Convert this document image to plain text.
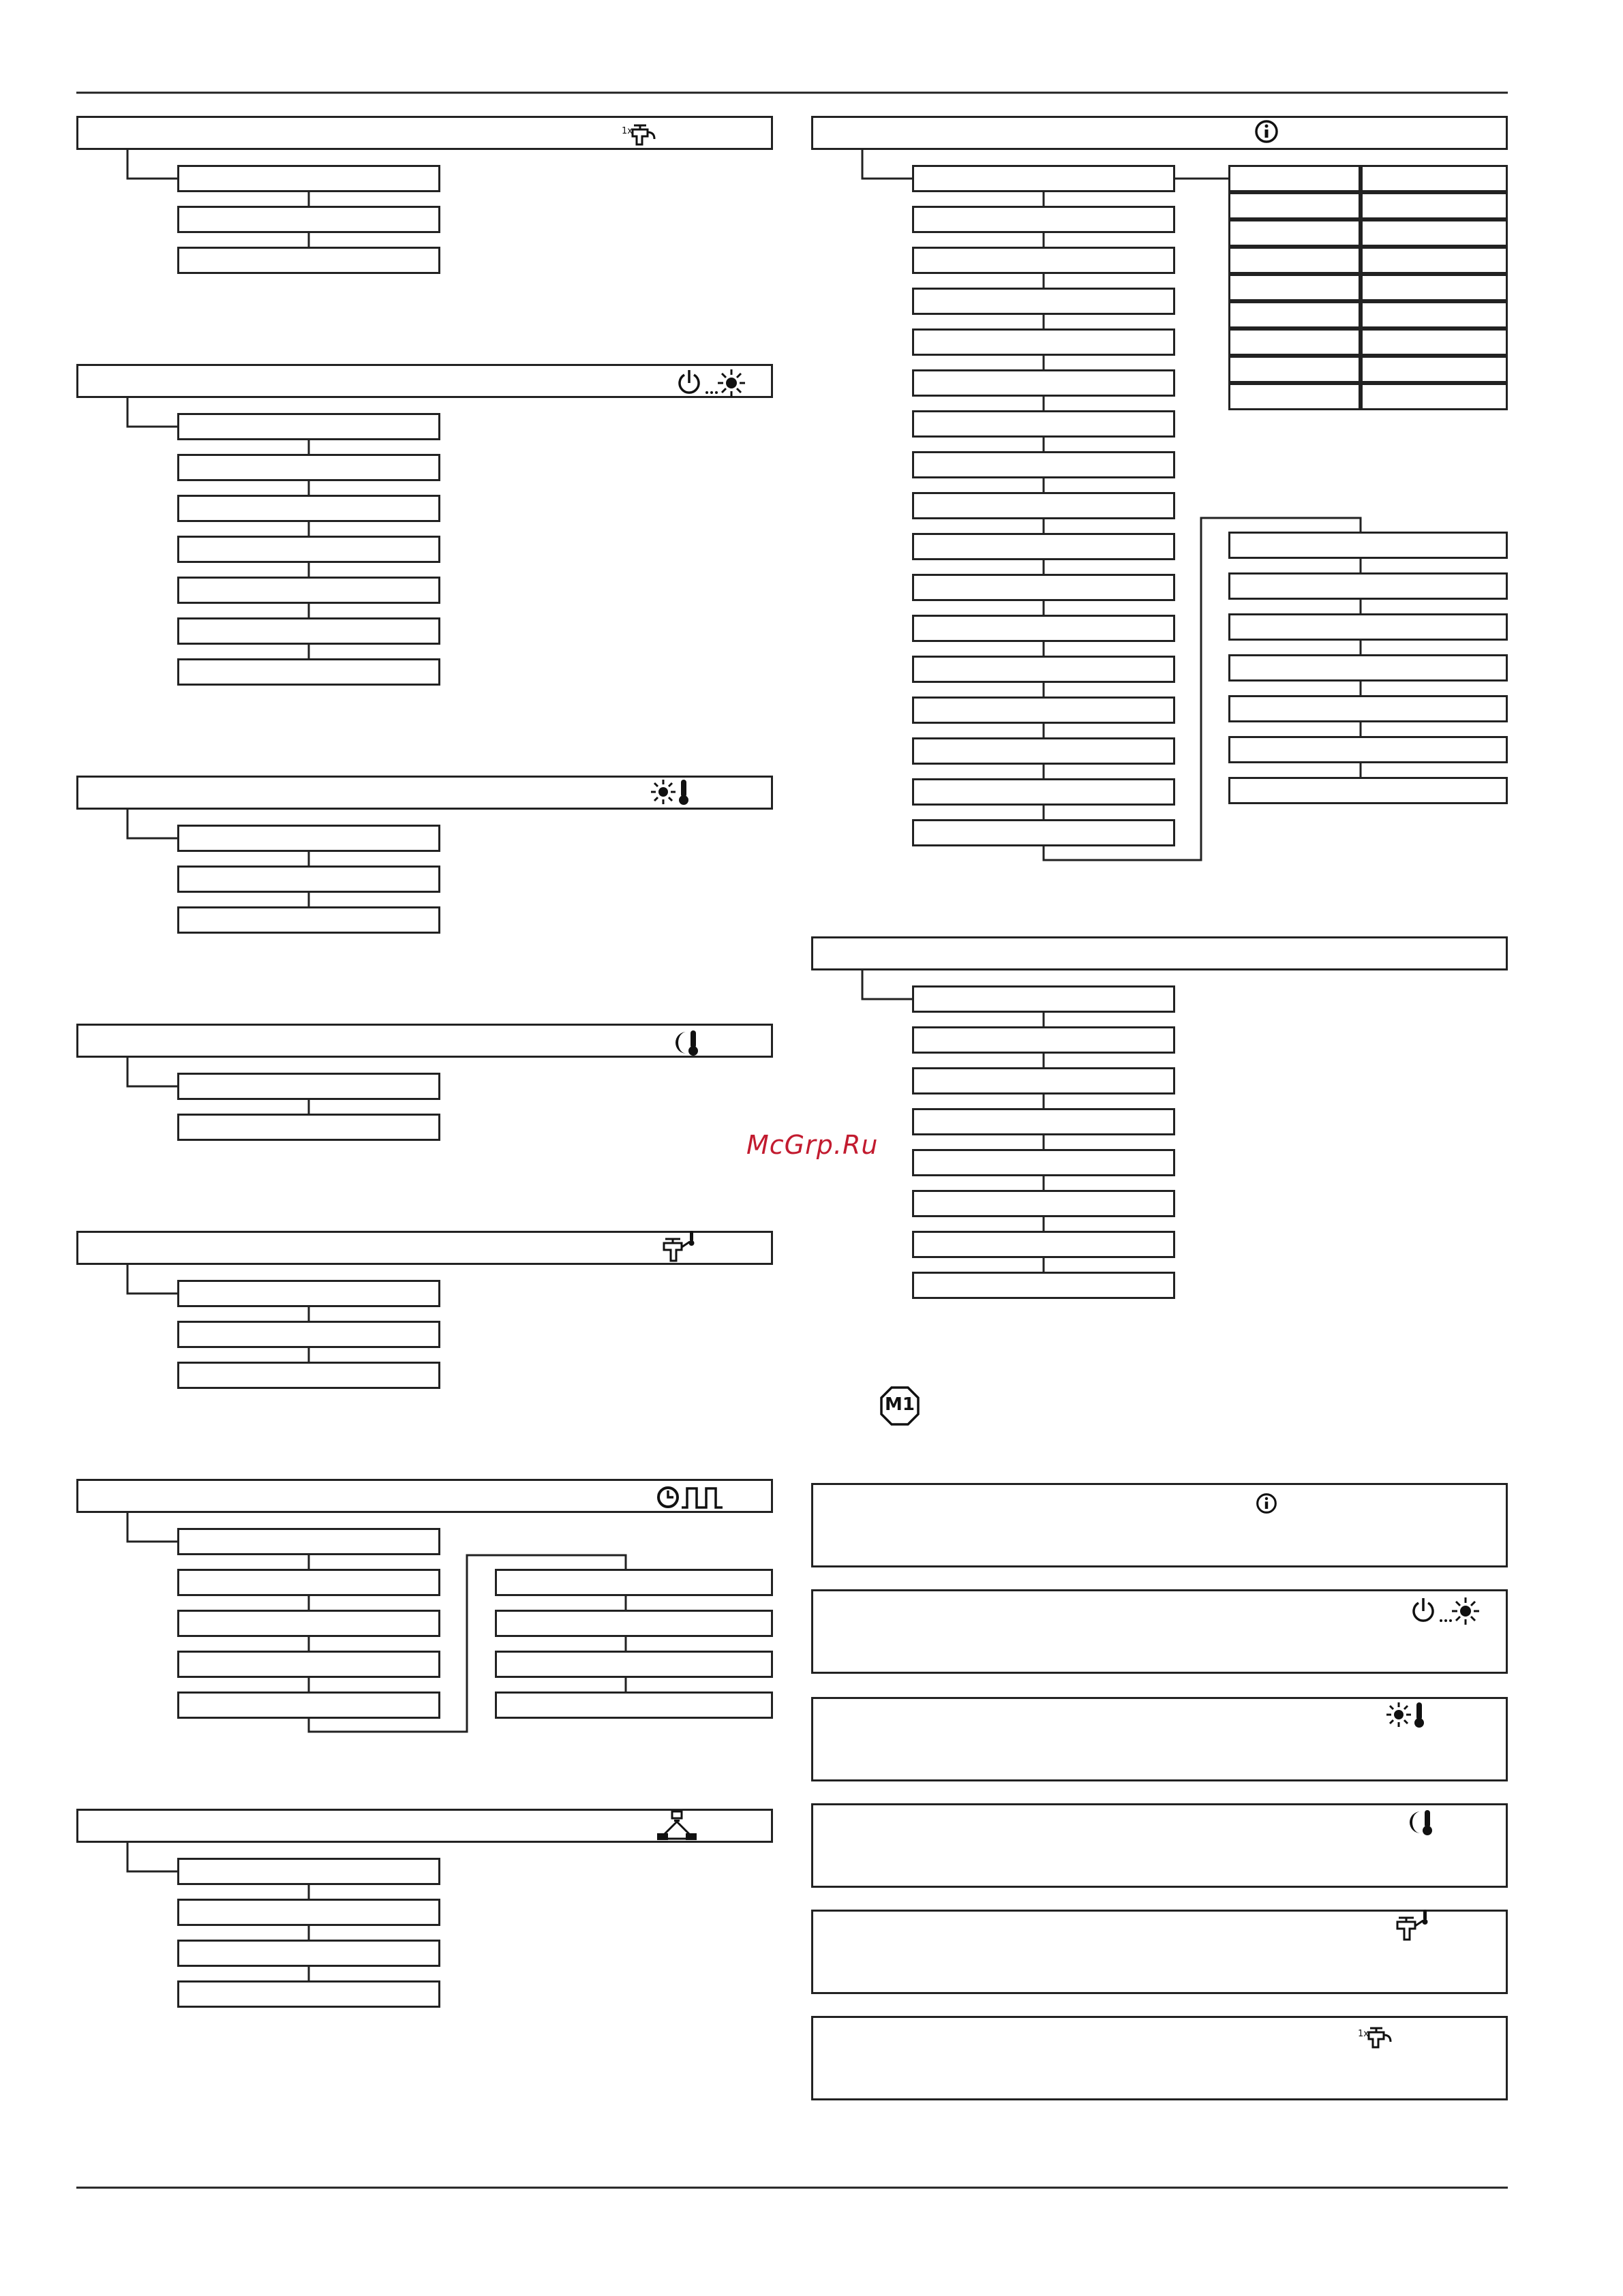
1x
1x
M1
McGrp.Ru
